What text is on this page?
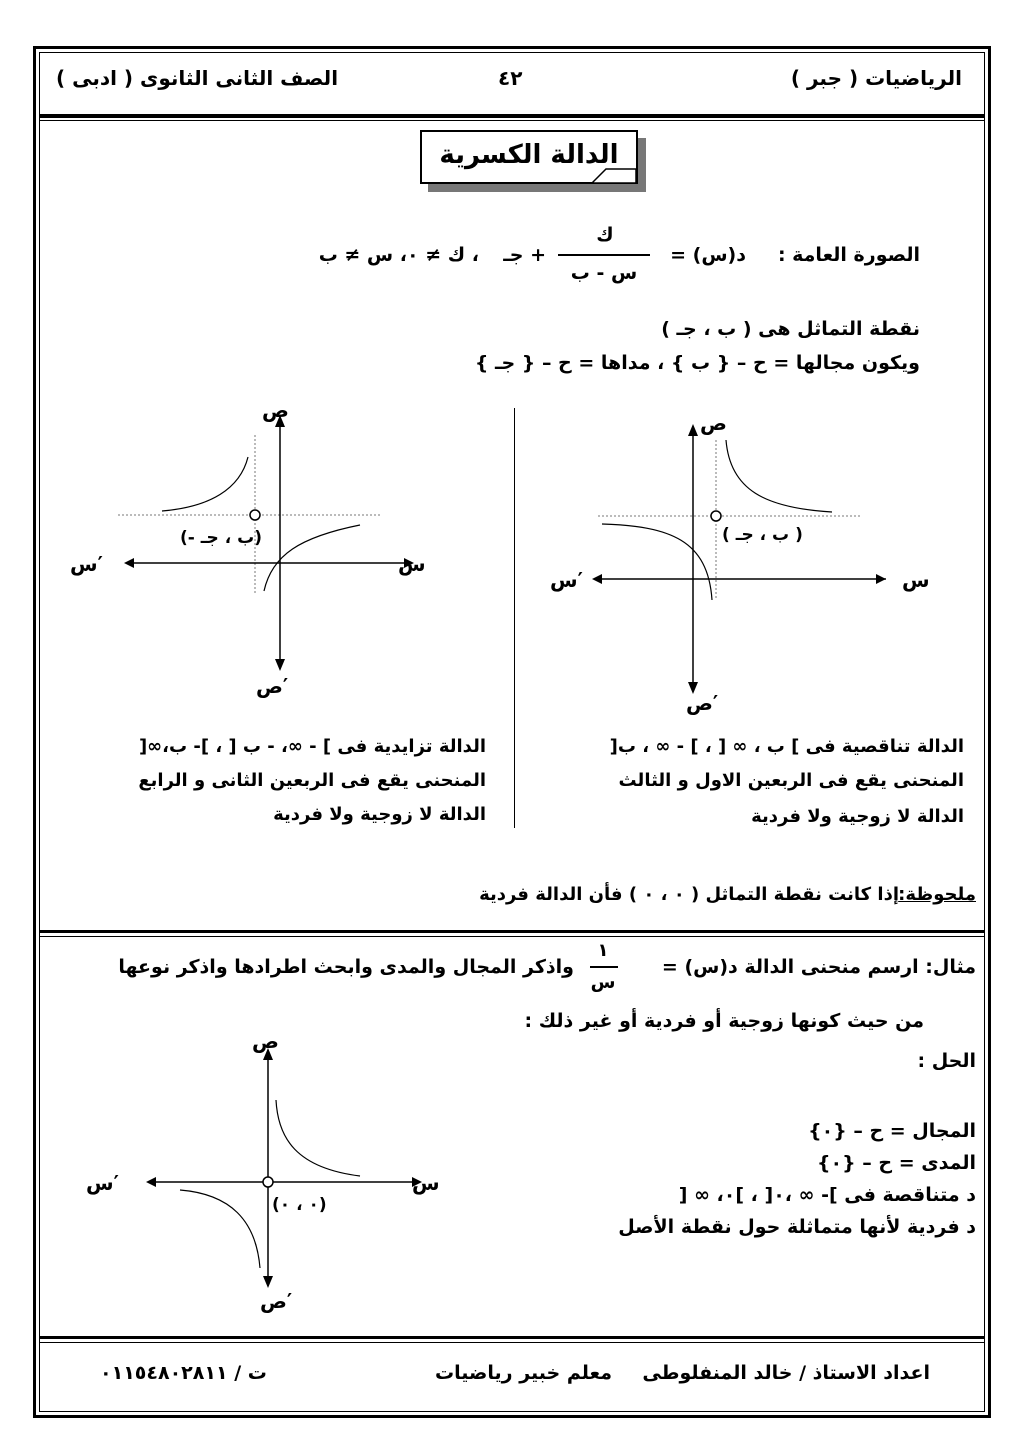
الرياضيات ( جبر )
٤٢
الصف الثانى الثانوى ( ادبى )
الدالة الكسرية
الصورة العامة :
د(س) =
ك
س - ب
+ جـ
، ك ≠ ٠، س ≠ ب
نقطة التماثل هى ( ب ، جـ )
ويكون مجالها = ح – { ب } ، مداها = ح – { جـ }
ص
ص′
س
س′
( ب ، جـ )
ص
ص′
س
س′
(- ب ، جـ)
الدالة تناقصية فى ] ب ، ∞ [ ، ] - ∞ ، ب[
المنحنى يقع فى الربعين الاول و الثالث
الدالة لا زوجية ولا فردية
الدالة تزايدية فى ] - ∞، - ب [ ، ]- ب،∞[
المنحنى يقع فى الربعين الثانى و الرابع
الدالة لا زوجية ولا فردية
ملحوظة:
إذا كانت نقطة التماثل ( ٠ ، ٠ ) فأن الدالة فردية
مثال: ارسم منحنى الدالة د(س) =
١
س
واذكر المجال والمدى وابحث اطرادها واذكر نوعها
من حيث كونها زوجية أو فردية أو غير ذلك :
الحل :
المجال = ح – {٠}
المدى = ح – {٠}
د متناقصة فى ]- ∞ ،٠[ ، ]٠، ∞ [
د فردية لأنها متماثلة حول نقطة الأصل
ص
ص′
س
س′
(٠ ، ٠)
اعداد الاستاذ / خالد المنفلوطى
معلم خبير رياضيات
ت / ٠١١٥٤٨٠٢٨١١
